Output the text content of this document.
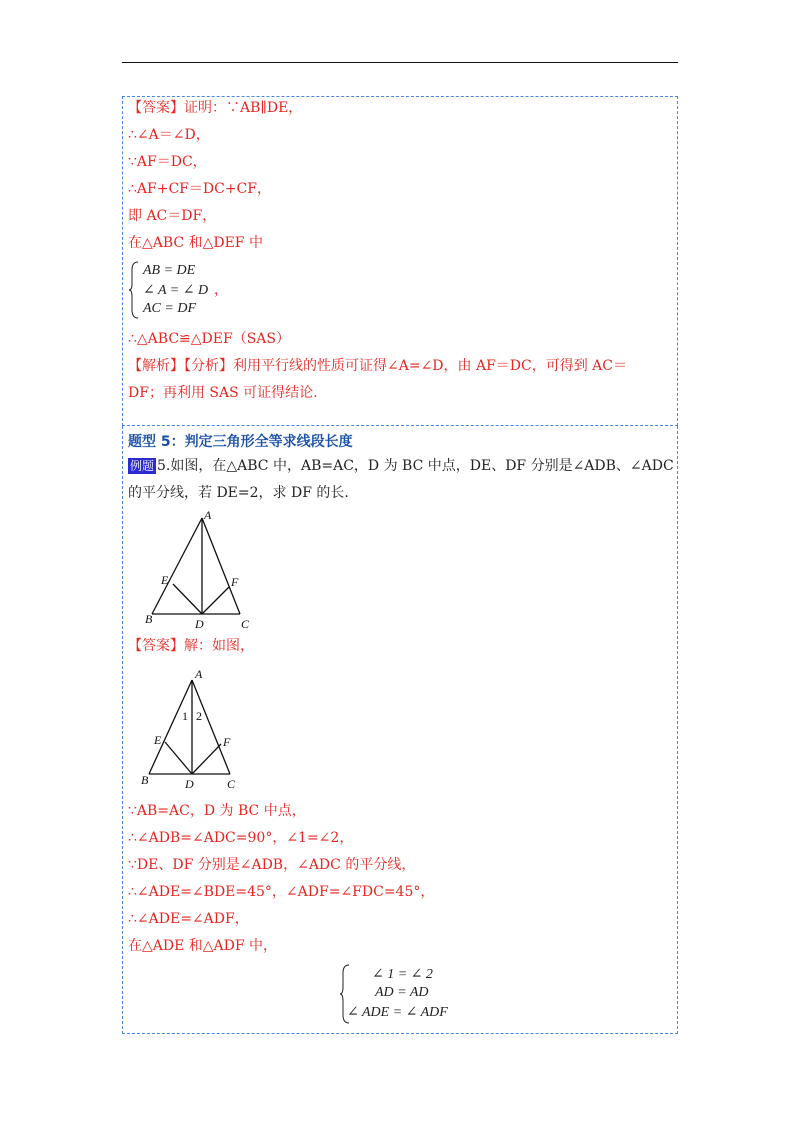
【答案】证明：∵AB∥DE，
∴∠A＝∠D，
∵AF＝DC，
∴AF+CF＝DC+CF，
即 AC＝DF，
在△ABC 和△DEF 中
AB = DE
∠ A = ∠ D ，
AC = DF
∴△ABC≌△DEF（SAS）
【解析】【分析】利用平行线的性质可证得∠A=∠D，由 AF＝DC，可得到 AC＝
DF；再利用 SAS 可证得结论.
题型 5：判定三角形全等求线段长度
例题 5.如图，在△ABC 中，AB=AC，D 为 BC 中点，DE、DF 分别是∠ADB、∠ADC
的平分线，若 DE=2，求 DF 的长.
A
B	C
D
E	F
【答案】解：如图，
A
B	C
D
E	F
1 2
∵AB=AC，D 为 BC 中点，
∴∠ADB=∠ADC=90°，∠1=∠2，
∵DE、DF 分别是∠ADB，∠ADC 的平分线，
∴∠ADE=∠BDE=45°，∠ADF=∠FDC=45°，
∴∠ADE=∠ADF，
在△ADE 和△ADF 中，
∠ 1 = ∠ 2
AD = AD
∠ ADE = ∠ ADF
